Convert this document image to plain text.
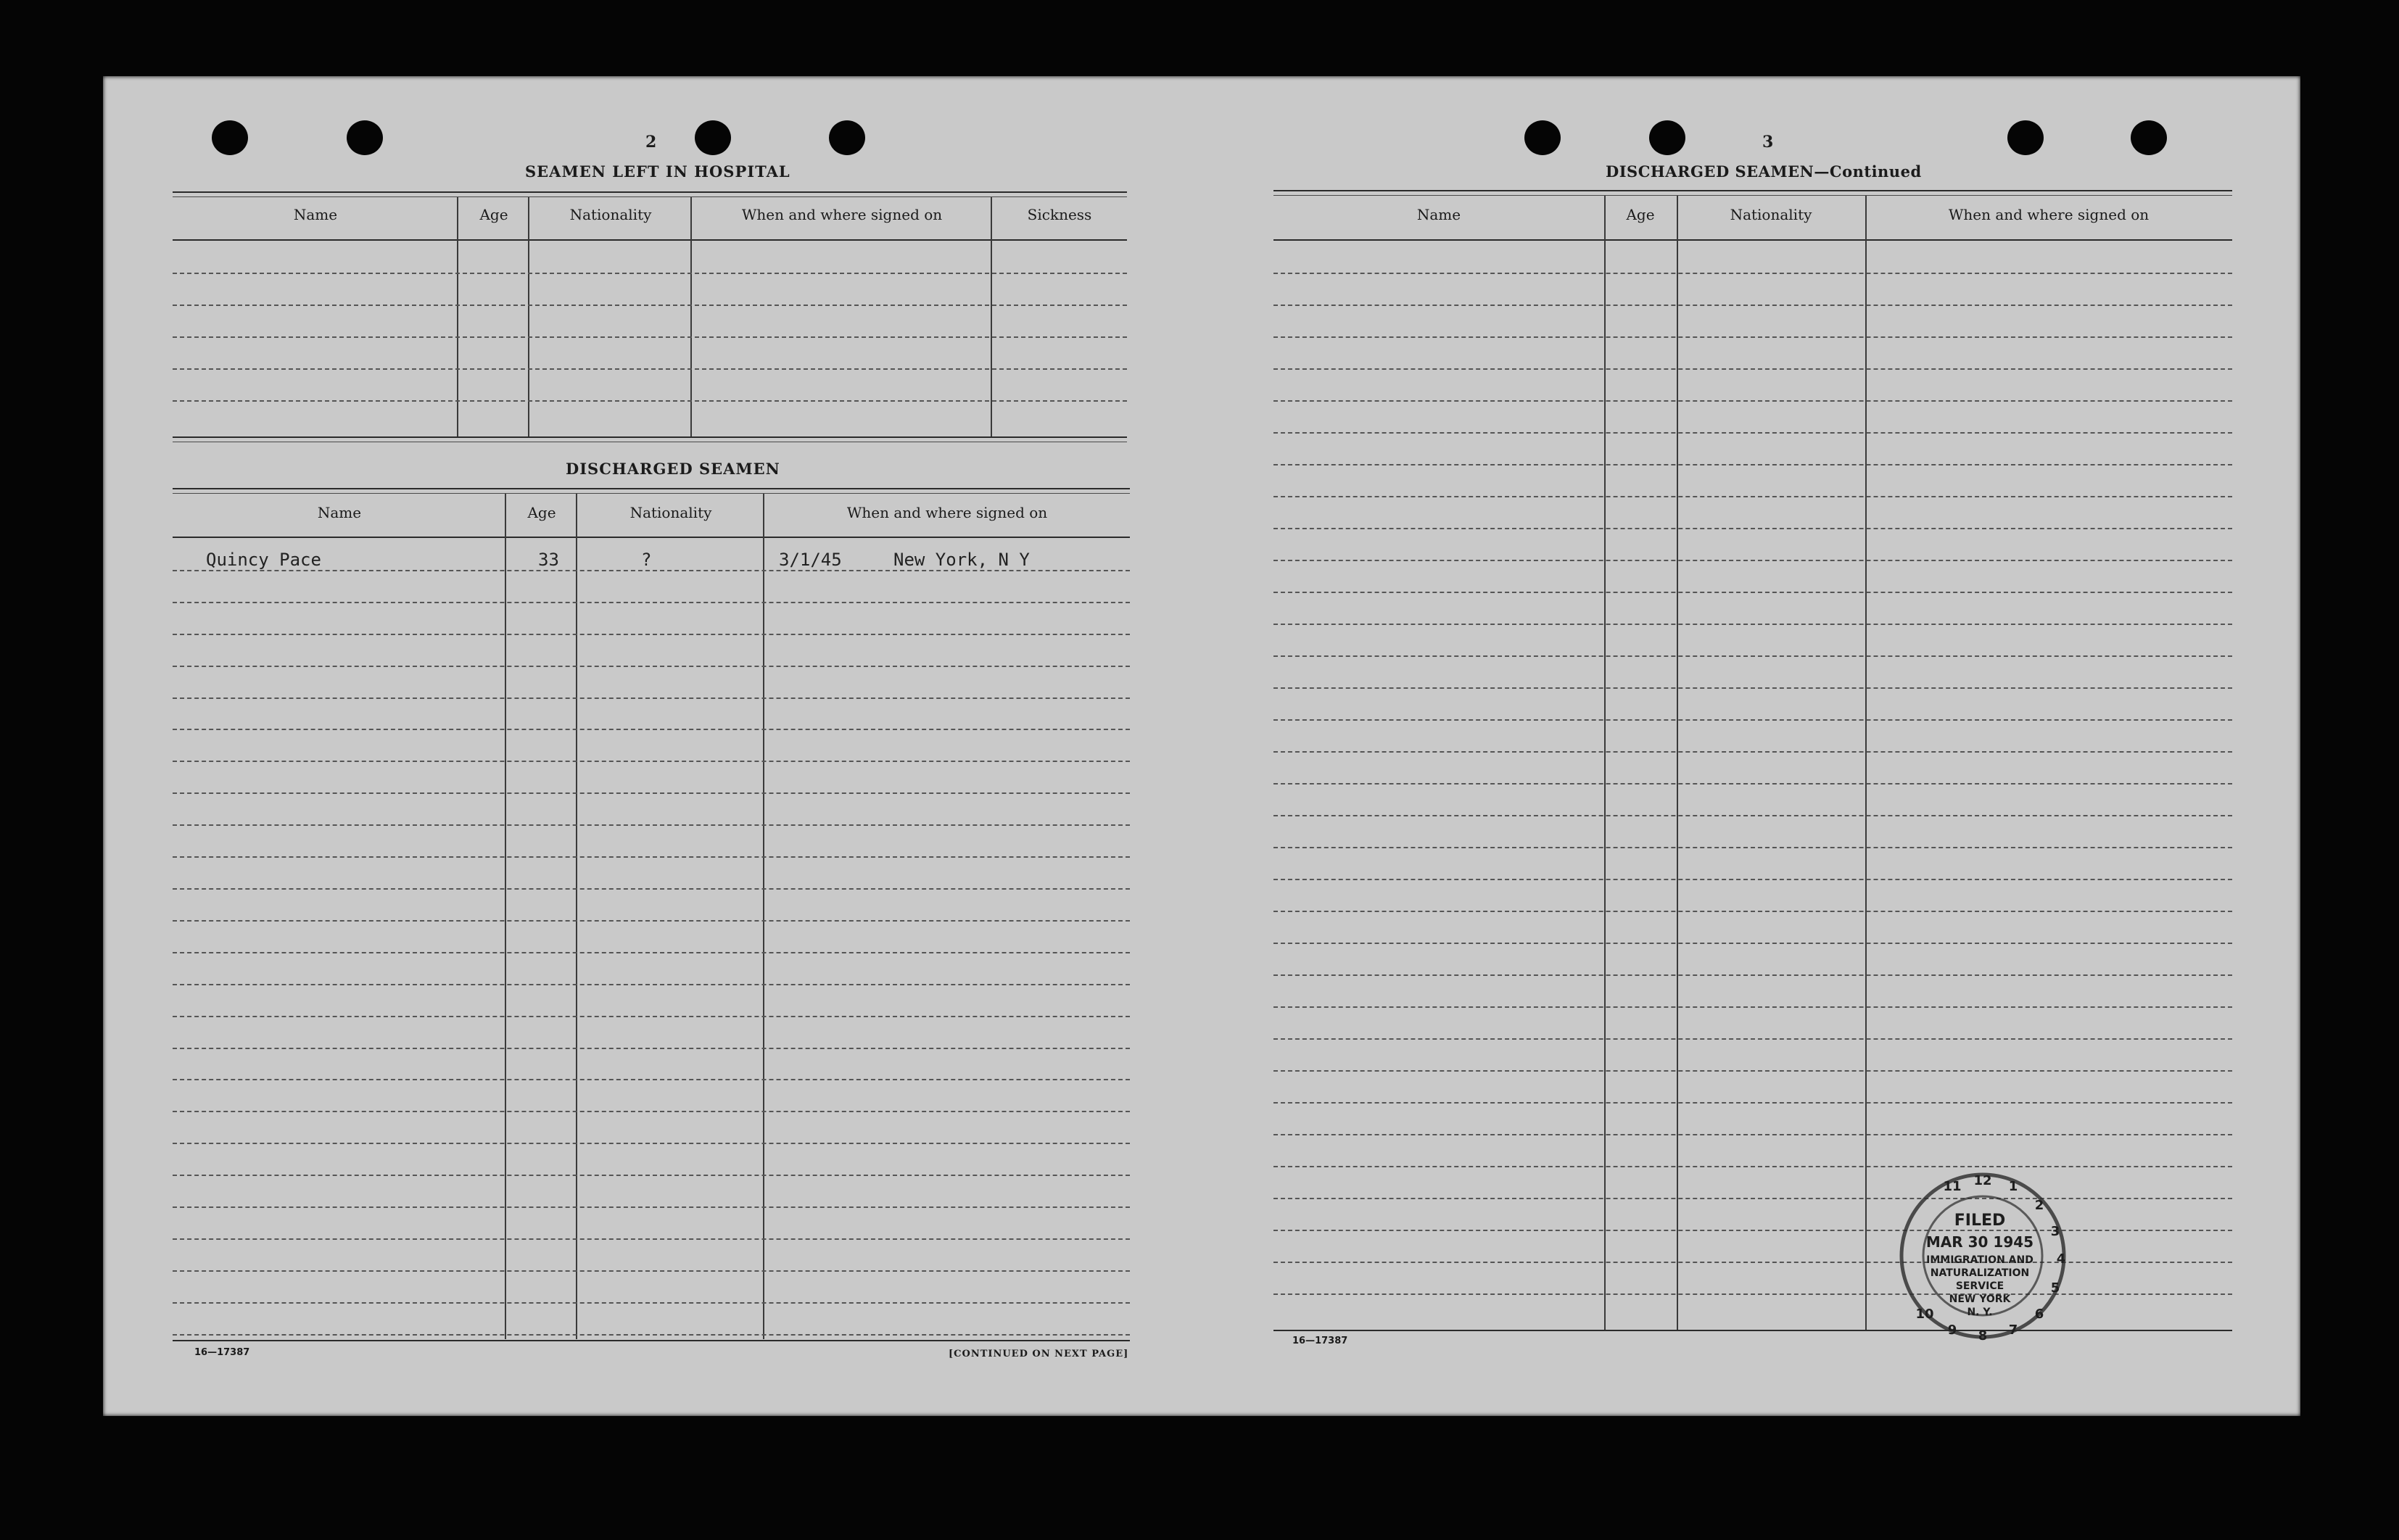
2
SEAMEN LEFT IN HOSPITAL
Name	Age	Nationality	When and where signed on	Sickness
DISCHARGED SEAMEN
Name	Age	Nationality	When and where signed on
Quincy Pace	33	?	3/1/45	New York, N Y
16—17387	[CONTINUED ON NEXT PAGE]
3
DISCHARGED SEAMEN—Continued
Name	Age	Nationality	When and where signed on
16—17387
11 12 1
2
3
4
5
6
7
8
9
10
FILED
MAR 30 1945
IMMIGRATION AND
NATURALIZATION
SERVICE
NEW YORK
N. Y.
